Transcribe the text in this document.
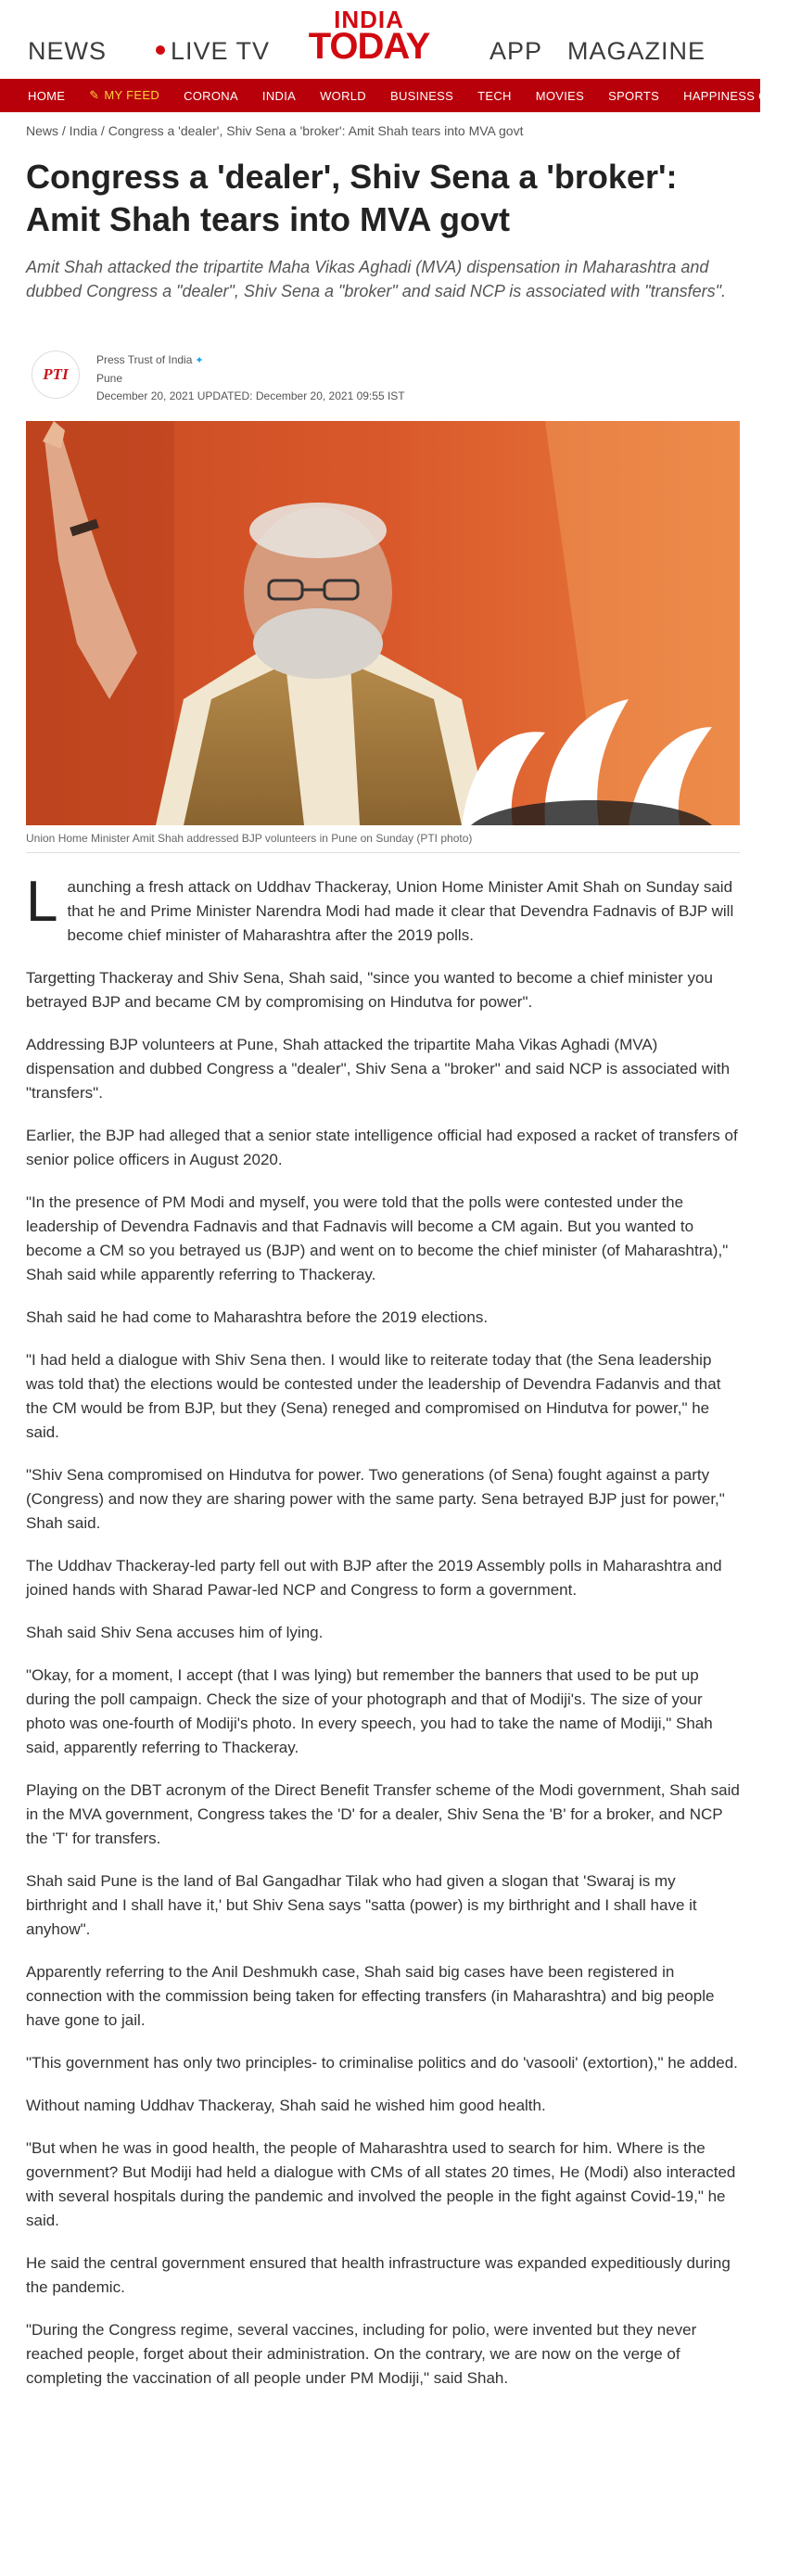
NEWS	LIVE TV
INDIA
TODAY	APP MAGAZINE
HOME ✎ MY FEED CORONA INDIA WORLD BUSINESS TECH MOVIES SPORTS HAPPINESS QUEST
News / India / Congress a 'dealer', Shiv Sena a 'broker': Amit Shah tears into MVA govt
Congress a 'dealer', Shiv Sena a 'broker': Amit Shah tears into MVA govt

Amit Shah attacked the tripartite Maha Vikas Aghadi (MVA) dispensation in Maharashtra and dubbed Congress a "dealer", Shiv Sena a "broker" and said NCP is associated with "transfers".

PTI
Press Trust of India ✦
Pune
December 20, 2021 UPDATED: December 20, 2021 09:55 IST
Union Home Minister Amit Shah addressed BJP volunteers in Pune on Sunday (PTI photo)

Launching a fresh attack on Uddhav Thackeray, Union Home Minister Amit Shah on Sunday said that he and Prime Minister Narendra Modi had made it clear that Devendra Fadnavis of BJP will become chief minister of Maharashtra after the 2019 polls.

Targetting Thackeray and Shiv Sena, Shah said, "since you wanted to become a chief minister you betrayed BJP and became CM by compromising on Hindutva for power".

Addressing BJP volunteers at Pune, Shah attacked the tripartite Maha Vikas Aghadi (MVA) dispensation and dubbed Congress a "dealer", Shiv Sena a "broker" and said NCP is associated with "transfers".

Earlier, the BJP had alleged that a senior state intelligence official had exposed a racket of transfers of senior police officers in August 2020.

"In the presence of PM Modi and myself, you were told that the polls were contested under the leadership of Devendra Fadnavis and that Fadnavis will become a CM again. But you wanted to become a CM so you betrayed us (BJP) and went on to become the chief minister (of Maharashtra)," Shah said while apparently referring to Thackeray.

Shah said he had come to Maharashtra before the 2019 elections.

"I had held a dialogue with Shiv Sena then. I would like to reiterate today that (the Sena leadership was told that) the elections would be contested under the leadership of Devendra Fadanvis and that the CM would be from BJP, but they (Sena) reneged and compromised on Hindutva for power," he said.

"Shiv Sena compromised on Hindutva for power. Two generations (of Sena) fought against a party (Congress) and now they are sharing power with the same party. Sena betrayed BJP just for power," Shah said.

The Uddhav Thackeray-led party fell out with BJP after the 2019 Assembly polls in Maharashtra and joined hands with Sharad Pawar-led NCP and Congress to form a government.

Shah said Shiv Sena accuses him of lying.

"Okay, for a moment, I accept (that I was lying) but remember the banners that used to be put up during the poll campaign. Check the size of your photograph and that of Modiji's. The size of your photo was one-fourth of Modiji's photo. In every speech, you had to take the name of Modiji," Shah said, apparently referring to Thackeray.

Playing on the DBT acronym of the Direct Benefit Transfer scheme of the Modi government, Shah said in the MVA government, Congress takes the 'D' for a dealer, Shiv Sena the 'B' for a broker, and NCP the 'T' for transfers.

Shah said Pune is the land of Bal Gangadhar Tilak who had given a slogan that 'Swaraj is my birthright and I shall have it,' but Shiv Sena says "satta (power) is my birthright and I shall have it anyhow".

Apparently referring to the Anil Deshmukh case, Shah said big cases have been registered in connection with the commission being taken for effecting transfers (in Maharashtra) and big people have gone to jail.

"This government has only two principles- to criminalise politics and do 'vasooli' (extortion)," he added.

Without naming Uddhav Thackeray, Shah said he wished him good health.

"But when he was in good health, the people of Maharashtra used to search for him. Where is the government? But Modiji had held a dialogue with CMs of all states 20 times, He (Modi) also interacted with several hospitals during the pandemic and involved the people in the fight against Covid-19," he said.

He said the central government ensured that health infrastructure was expanded expeditiously during the pandemic.

"During the Congress regime, several vaccines, including for polio, were invented but they never reached people, forget about their administration. On the contrary, we are now on the verge of completing the vaccination of all people under PM Modiji," said Shah.
